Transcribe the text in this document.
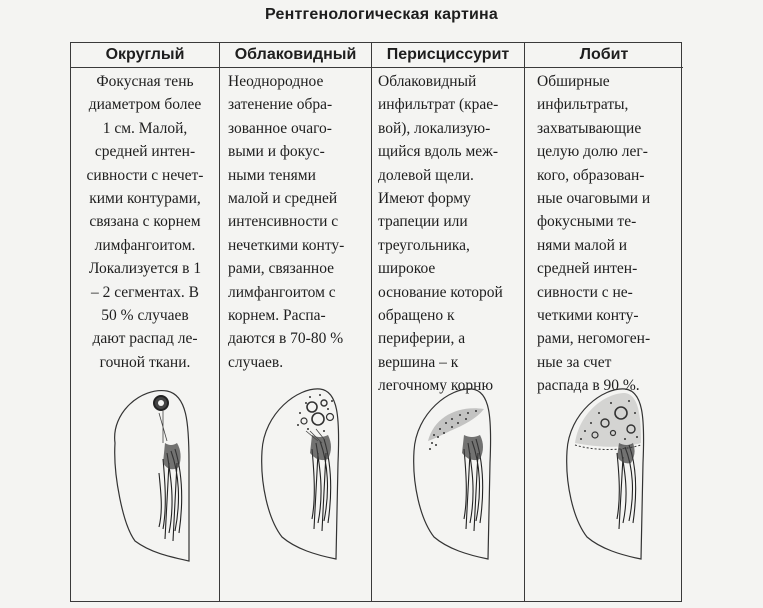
Рентгенологическая картина
Округлый
Фокусная тень
диаметром более
1 см. Малой,
средней интен-
сивности с нечет-
кими контурами,
связана с корнем
лимфангоитом.
Локализуется в 1
– 2 сегментах. В
50 % случаев
дают распад ле-
гочной ткани.
Облаковидный
Неоднородное
затенение обра-
зованное очаго-
выми и фокус-
ными тенями
малой и средней
интенсивности с
нечеткими конту-
рами, связанное
лимфангоитом с
корнем. Распа-
даются в 70-80 %
случаев.
Перисциссурит
Облаковидный
инфильтрат (крае-
вой), локализую-
щийся вдоль меж-
долевой щели.
Имеют форму
трапеции или
треугольника,
широкое
основание которой
обращено к
периферии, а
вершина – к
легочному корню
Лобит
Обширные
инфильтраты,
захватывающие
целую долю лег-
кого, образован-
ные очаговыми и
фокусными те-
нями малой и
средней интен-
сивности с не-
четкими конту-
рами, негомоген-
ные за счет
распада в 90 %.
